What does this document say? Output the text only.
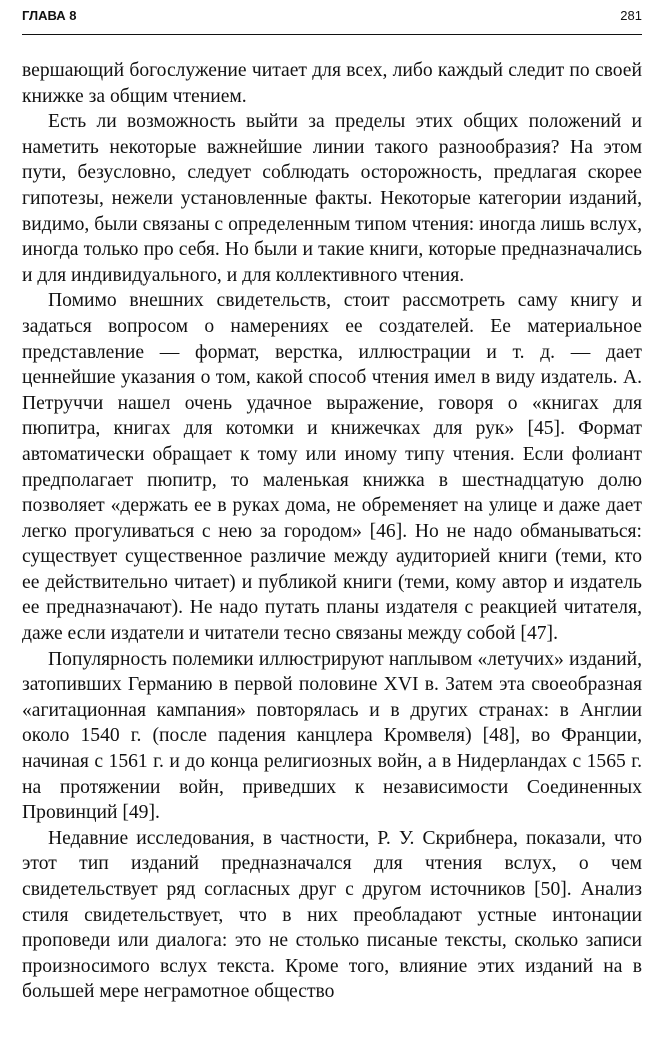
ГЛАВА 8	281

вершающий богослужение читает для всех, либо каждый следит по своей книжке за общим чтением.

Есть ли возможность выйти за пределы этих общих положений и наметить некоторые важнейшие линии такого разнообразия? На этом пути, безусловно, следует соблюдать осторожность, предлагая скорее гипотезы, нежели установленные факты. Некоторые категории изданий, видимо, были связаны с определенным типом чтения: иногда лишь вслух, иногда только про себя. Но были и такие книги, которые предназначались и для индивидуального, и для коллективного чтения.

Помимо внешних свидетельств, стоит рассмотреть саму книгу и задаться вопросом о намерениях ее создателей. Ее материальное представление — формат, верстка, иллюстрации и т. д. — дает ценнейшие указания о том, какой способ чтения имел в виду издатель. А. Петруччи нашел очень удачное выражение, говоря о «книгах для пюпитра, книгах для котомки и книжечках для рук» [45]. Формат автоматически обращает к тому или иному типу чтения. Если фолиант предполагает пюпитр, то маленькая книжка в шестнадцатую долю позволяет «держать ее в руках дома, не обременяет на улице и даже дает легко прогуливаться с нею за городом» [46]. Но не надо обманываться: существует существенное различие между аудиторией книги (теми, кто ее действительно читает) и публикой книги (теми, кому автор и издатель ее предназначают). Не надо путать планы издателя с реакцией читателя, даже если издатели и читатели тесно связаны между собой [47].

Популярность полемики иллюстрируют наплывом «летучих» изданий, затопивших Германию в первой половине XVI в. Затем эта своеобразная «агитационная кампания» повторялась и в других странах: в Англии около 1540 г. (после падения канцлера Кромвеля) [48], во Франции, начиная с 1561 г. и до конца религиозных войн, а в Нидерландах с 1565 г. на протяжении войн, приведших к независимости Соединенных Провинций [49].

Недавние исследования, в частности, Р. У. Скрибнера, показали, что этот тип изданий предназначался для чтения вслух, о чем свидетельствует ряд согласных друг с другом источников [50]. Анализ стиля свидетельствует, что в них преобладают устные интонации проповеди или диалога: это не столько писаные тексты, сколько записи произносимого вслух текста. Кроме того, влияние этих изданий на в большей мере неграмотное общество
